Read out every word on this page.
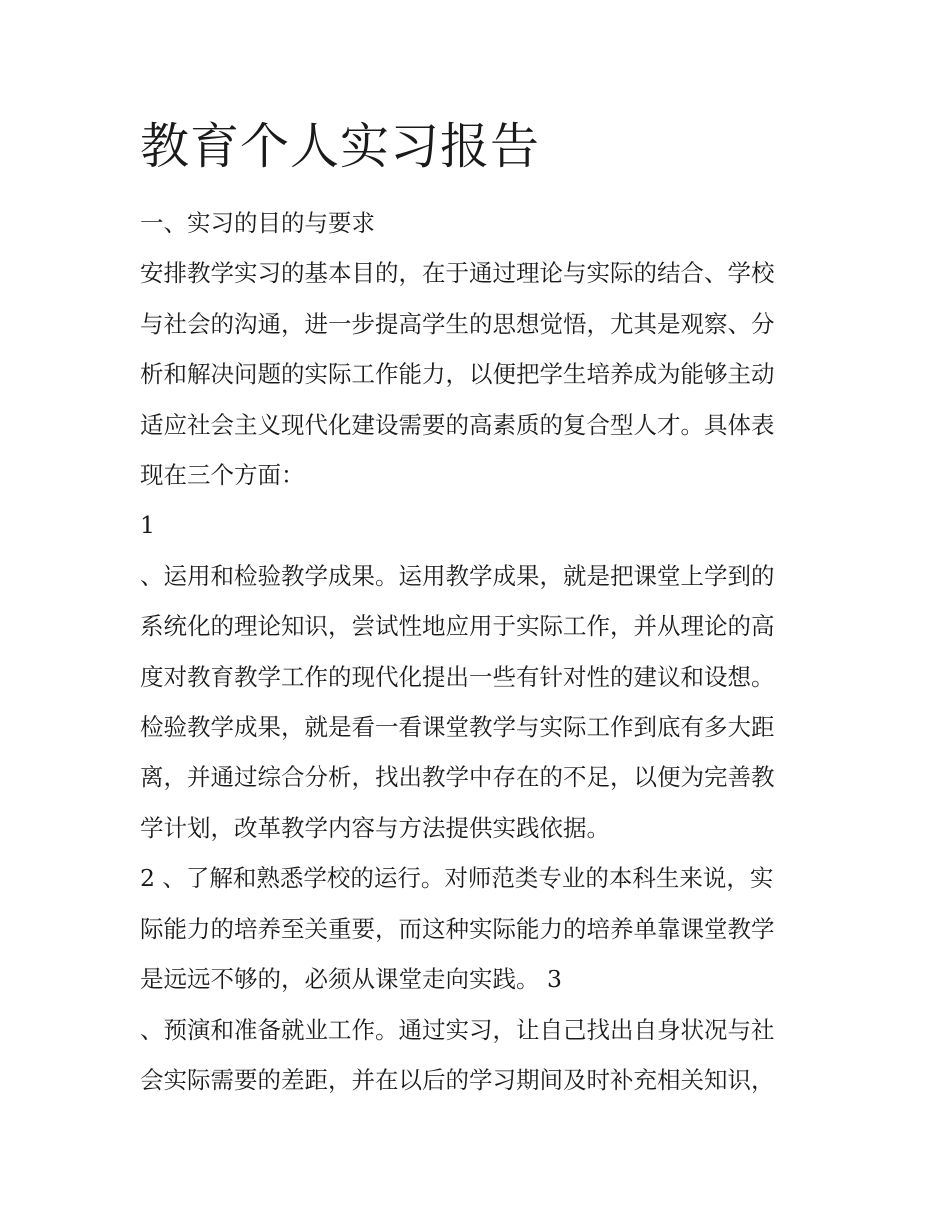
教育个人实习报告

一、实习的目的与要求

安排教学实习的基本目的，在于通过理论与实际的结合、学校

与社会的沟通，进一步提高学生的思想觉悟，尤其是观察、分

析和解决问题的实际工作能力，以便把学生培养成为能够主动

适应社会主义现代化建设需要的高素质的复合型人才。具体表

现在三个方面：

1

、运用和检验教学成果。运用教学成果，就是把课堂上学到的

系统化的理论知识，尝试性地应用于实际工作，并从理论的高

度对教育教学工作的现代化提出一些有针对性的建议和设想。

检验教学成果，就是看一看课堂教学与实际工作到底有多大距

离，并通过综合分析，找出教学中存在的不足，以便为完善教

学计划，改革教学内容与方法提供实践依据。

2 、了解和熟悉学校的运行。对师范类专业的本科生来说，实

际能力的培养至关重要，而这种实际能力的培养单靠课堂教学

是远远不够的，必须从课堂走向实践。 3

、预演和准备就业工作。通过实习，让自己找出自身状况与社

会实际需要的差距，并在以后的学习期间及时补充相关知识，
